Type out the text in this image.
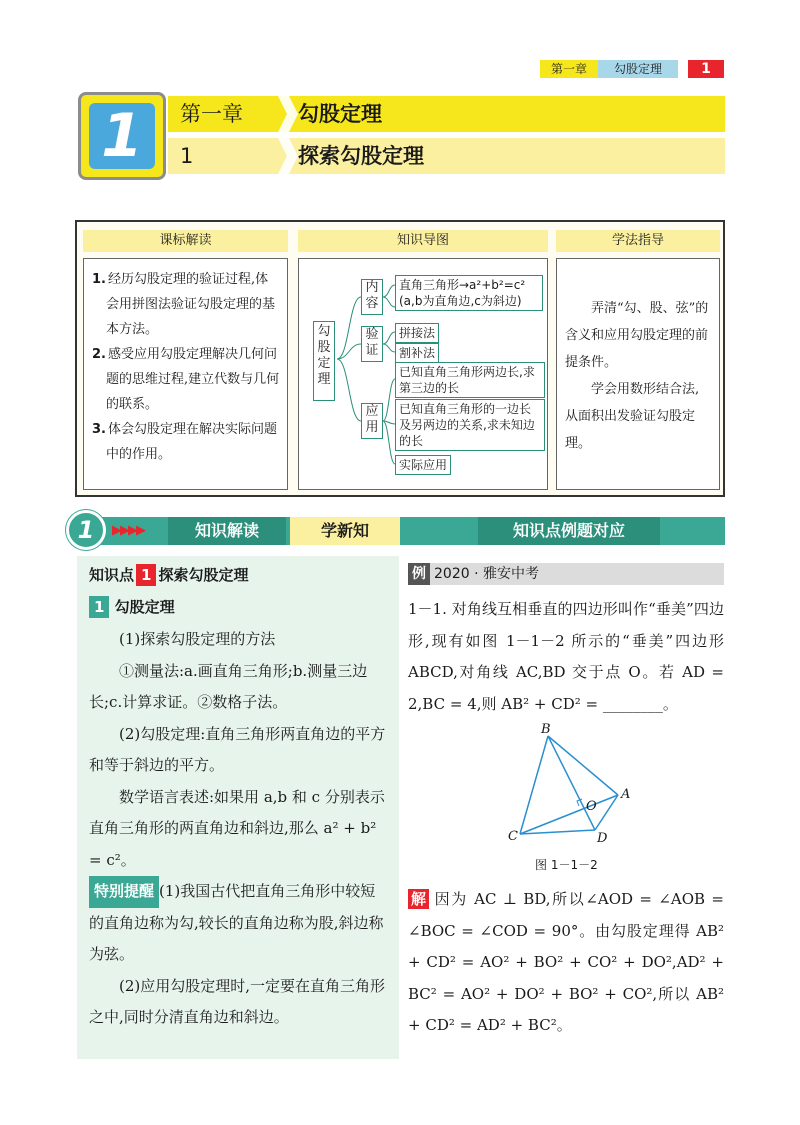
第一章	勾股定理	1
1	第一章	勾股定理
1	探索勾股定理
课标解读	知识导图	学法指导
1. 经历勾股定理的验证过程,体会用拼图法验证勾股定理的基本方法。
2. 感受应用勾股定理解决几何问题的思维过程,建立代数与几何的联系。
3. 体会勾股定理在解决实际问题中的作用。
勾股定理
内容
验证
应用
直角三角形→a²+b²=c²
(a,b为直角边,c为斜边)
拼接法
割补法
已知直角三角形两边长,求第三边的长
已知直角三角形的一边长及另两边的关系,求未知边的长
实际应用

弄清“勾、股、弦”的含义和应用勾股定理的前提条件。

学会用数形结合法,从面积出发验证勾股定理。

1	▶▶▶▶	知识解读	学新知	知识点例题对应
知识点 1 探索勾股定理
1 勾股定理

(1)探索勾股定理的方法

①测量法:a.画直角三角形;b.测量三边长;c.计算求证。②数格子法。

(2)勾股定理:直角三角形两直角边的平方和等于斜边的平方。

数学语言表述:如果用 a,b 和 c 分别表示直角三角形的两直角边和斜边,那么 a² + b² = c²。

特别提醒 (1)我国古代把直角三角形中较短的直角边称为勾,较长的直角边称为股,斜边称为弦。

(2)应用勾股定理时,一定要在直角三角形之中,同时分清直角边和斜边。

例 2020 · 雅安中考
1－1. 对角线互相垂直的四边形叫作“垂美”四边形,现有如图 1－1－2 所示的“垂美”四边形 ABCD,对角线 AC,BD 交于点 O。若 AD = 2,BC = 4,则 AB² + CD² = ________。
B
A
O
C	D
图 1－1－2
解 因为 AC ⊥ BD,所以∠AOD = ∠AOB = ∠BOC = ∠COD = 90°。由勾股定理得 AB² + CD² = AO² + BO² + CO² + DO²,AD² + BC² = AO² + DO² + BO² + CO²,所以 AB² + CD² = AD² + BC²。
